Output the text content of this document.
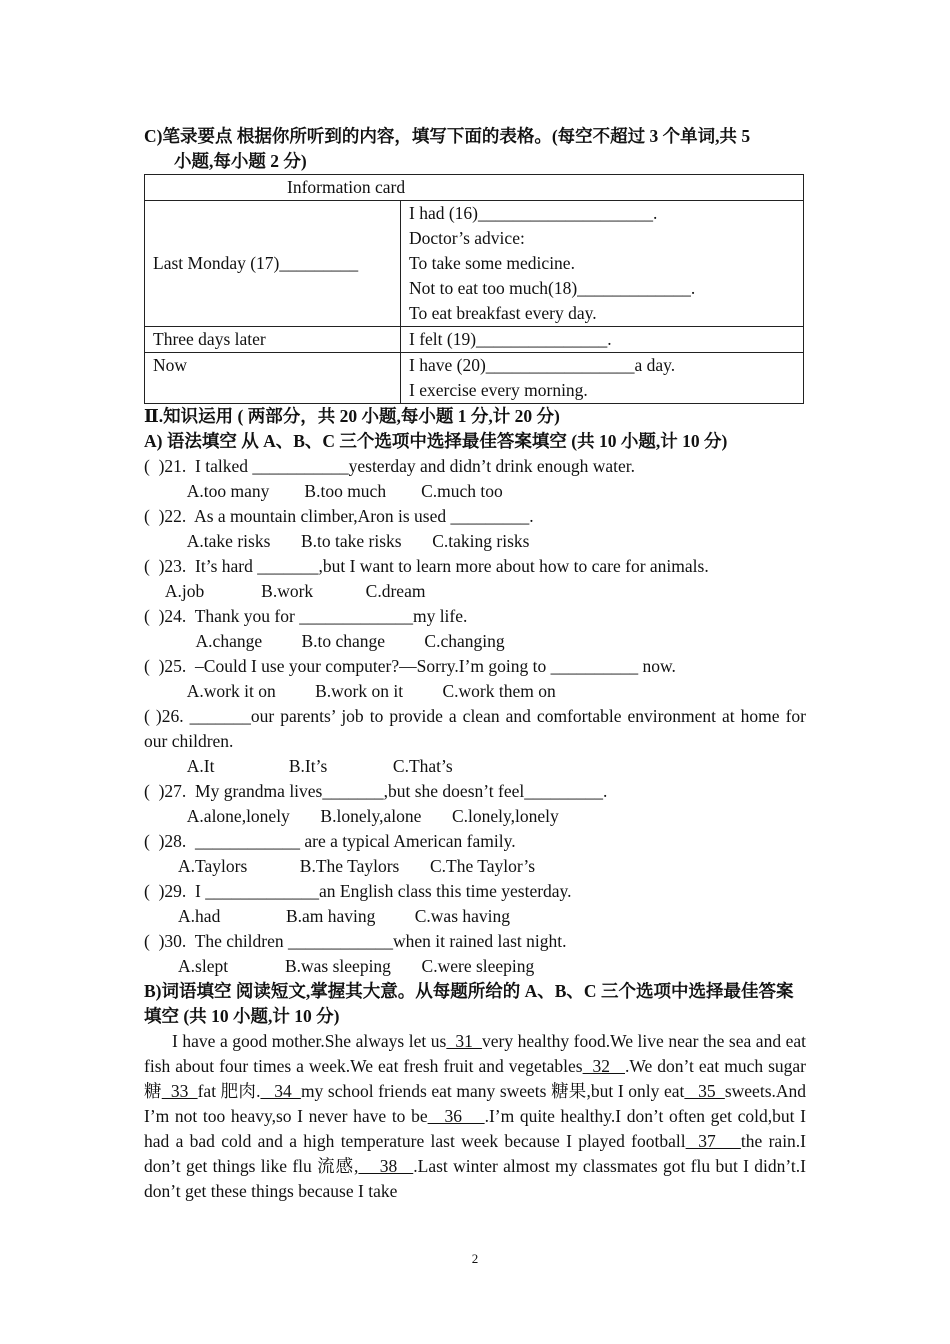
C)笔录要点 根据你所听到的内容，填写下面的表格。(每空不超过 3 个单词,共 5
小题,每小题 2 分)
Information card	
Last Monday (17)_________	I had (16)____________________.
Doctor’s advice:
To take some medicine.
Not to eat too much(18)_____________.
To eat breakfast every day.

Three days later	I felt (19)_______________.
Now	I have (20)_________________a day.
I exercise every morning.
Ⅱ.知识运用 ( 两部分，共 20 小题,每小题 1 分,计 20 分)
A) 语法填空 从 A、B、C 三个选项中选择最佳答案填空 (共 10 小题,计 10 分)
(  )21.  I talked ___________yesterday and didn’t drink enough water.
A.too many        B.too much        C.much too
(  )22.  As a mountain climber,Aron is used _________.
A.take risks       B.to take risks       C.taking risks
(  )23.  It’s hard _______,but I want to learn more about how to care for animals.
A.job             B.work            C.dream
(  )24.  Thank you for _____________my life.
A.change         B.to change         C.changing
(  )25.  –Could I use your computer?—Sorry.I’m going to __________ now.
A.work it on         B.work on it         C.work them on
( )26. _______our parents’ job to provide a clean and comfortable environment at home for our children.
A.It                 B.It’s               C.That’s
(  )27.  My grandma lives_______,but she doesn’t feel_________.
A.alone,lonely       B.lonely,alone       C.lonely,lonely
(  )28.  ____________ are a typical American family.
A.Taylors            B.The Taylors       C.The Taylor’s
(  )29.  I _____________an English class this time yesterday.
A.had               B.am having         C.was having
(  )30.  The children ____________when it rained last night.
A.slept             B.was sleeping       C.were sleeping
B)词语填空 阅读短文,掌握其大意。从每题所给的 A、B、C 三个选项中选择最佳答案填空 (共 10 小题,计 10 分)
I have a good mother.She always let us  31  very healthy food.We live near the sea and eat fish about four times a week.We eat fresh fruit and vegetables  32   .We don’t eat much sugar 糖  33  fat 肥肉.   34  my school friends eat many sweets 糖果,but I only eat   35  sweets.And I’m not too heavy,so I never have to be   36    .I’m quite healthy.I don’t often get cold,but I had a bad cold and a high temperature last week because I played football  37    the rain.I don’t get things like flu 流感,    38   .Last winter almost my classmates got flu but I didn’t.I don’t get these things because I take
2
